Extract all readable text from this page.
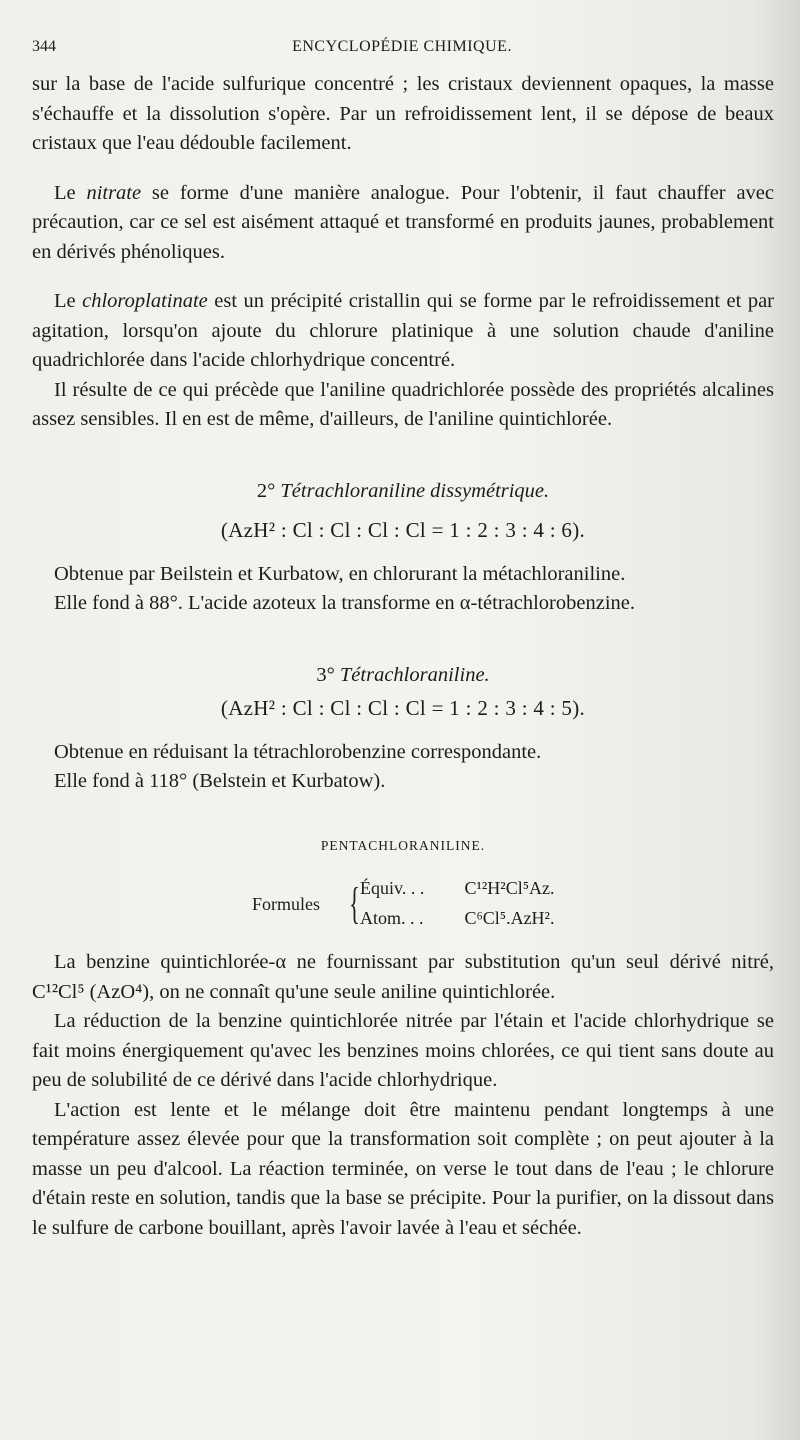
344	ENCYCLOPÉDIE CHIMIQUE.

sur la base de l'acide sulfurique concentré ; les cristaux deviennent opaques, la masse s'échauffe et la dissolution s'opère. Par un refroidissement lent, il se dépose de beaux cristaux que l'eau dédouble facilement.

Le nitrate se forme d'une manière analogue. Pour l'obtenir, il faut chauffer avec précaution, car ce sel est aisément attaqué et transformé en produits jaunes, probablement en dérivés phénoliques.

Le chloroplatinate est un précipité cristallin qui se forme par le refroidissement et par agitation, lorsqu'on ajoute du chlorure platinique à une solution chaude d'aniline quadrichlorée dans l'acide chlorhydrique concentré.

Il résulte de ce qui précède que l'aniline quadrichlorée possède des propriétés alcalines assez sensibles. Il en est de même, d'ailleurs, de l'aniline quintichlorée.

2° Tétrachloraniline dissymétrique.

(AzH² : Cl : Cl : Cl : Cl = 1 : 2 : 3 : 4 : 6).

Obtenue par Beilstein et Kurbatow, en chlorurant la métachloraniline.

Elle fond à 88°. L'acide azoteux la transforme en α-tétrachlorobenzine.

3° Tétrachloraniline.

(AzH² : Cl : Cl : Cl : Cl = 1 : 2 : 3 : 4 : 5).

Obtenue en réduisant la tétrachlorobenzine correspondante.

Elle fond à 118° (Belstein et Kurbatow).

PENTACHLORANILINE.

Formules { Équiv. . . C¹²H²Cl⁵Az.
Atom. . . C⁶Cl⁵.AzH².

La benzine quintichlorée-α ne fournissant par substitution qu'un seul dérivé nitré, C¹²Cl⁵ (AzO⁴), on ne connaît qu'une seule aniline quintichlorée.

La réduction de la benzine quintichlorée nitrée par l'étain et l'acide chlorhydrique se fait moins énergiquement qu'avec les benzines moins chlorées, ce qui tient sans doute au peu de solubilité de ce dérivé dans l'acide chlorhydrique.

L'action est lente et le mélange doit être maintenu pendant longtemps à une température assez élevée pour que la transformation soit complète ; on peut ajouter à la masse un peu d'alcool. La réaction terminée, on verse le tout dans de l'eau ; le chlorure d'étain reste en solution, tandis que la base se précipite. Pour la purifier, on la dissout dans le sulfure de carbone bouillant, après l'avoir lavée à l'eau et séchée.
